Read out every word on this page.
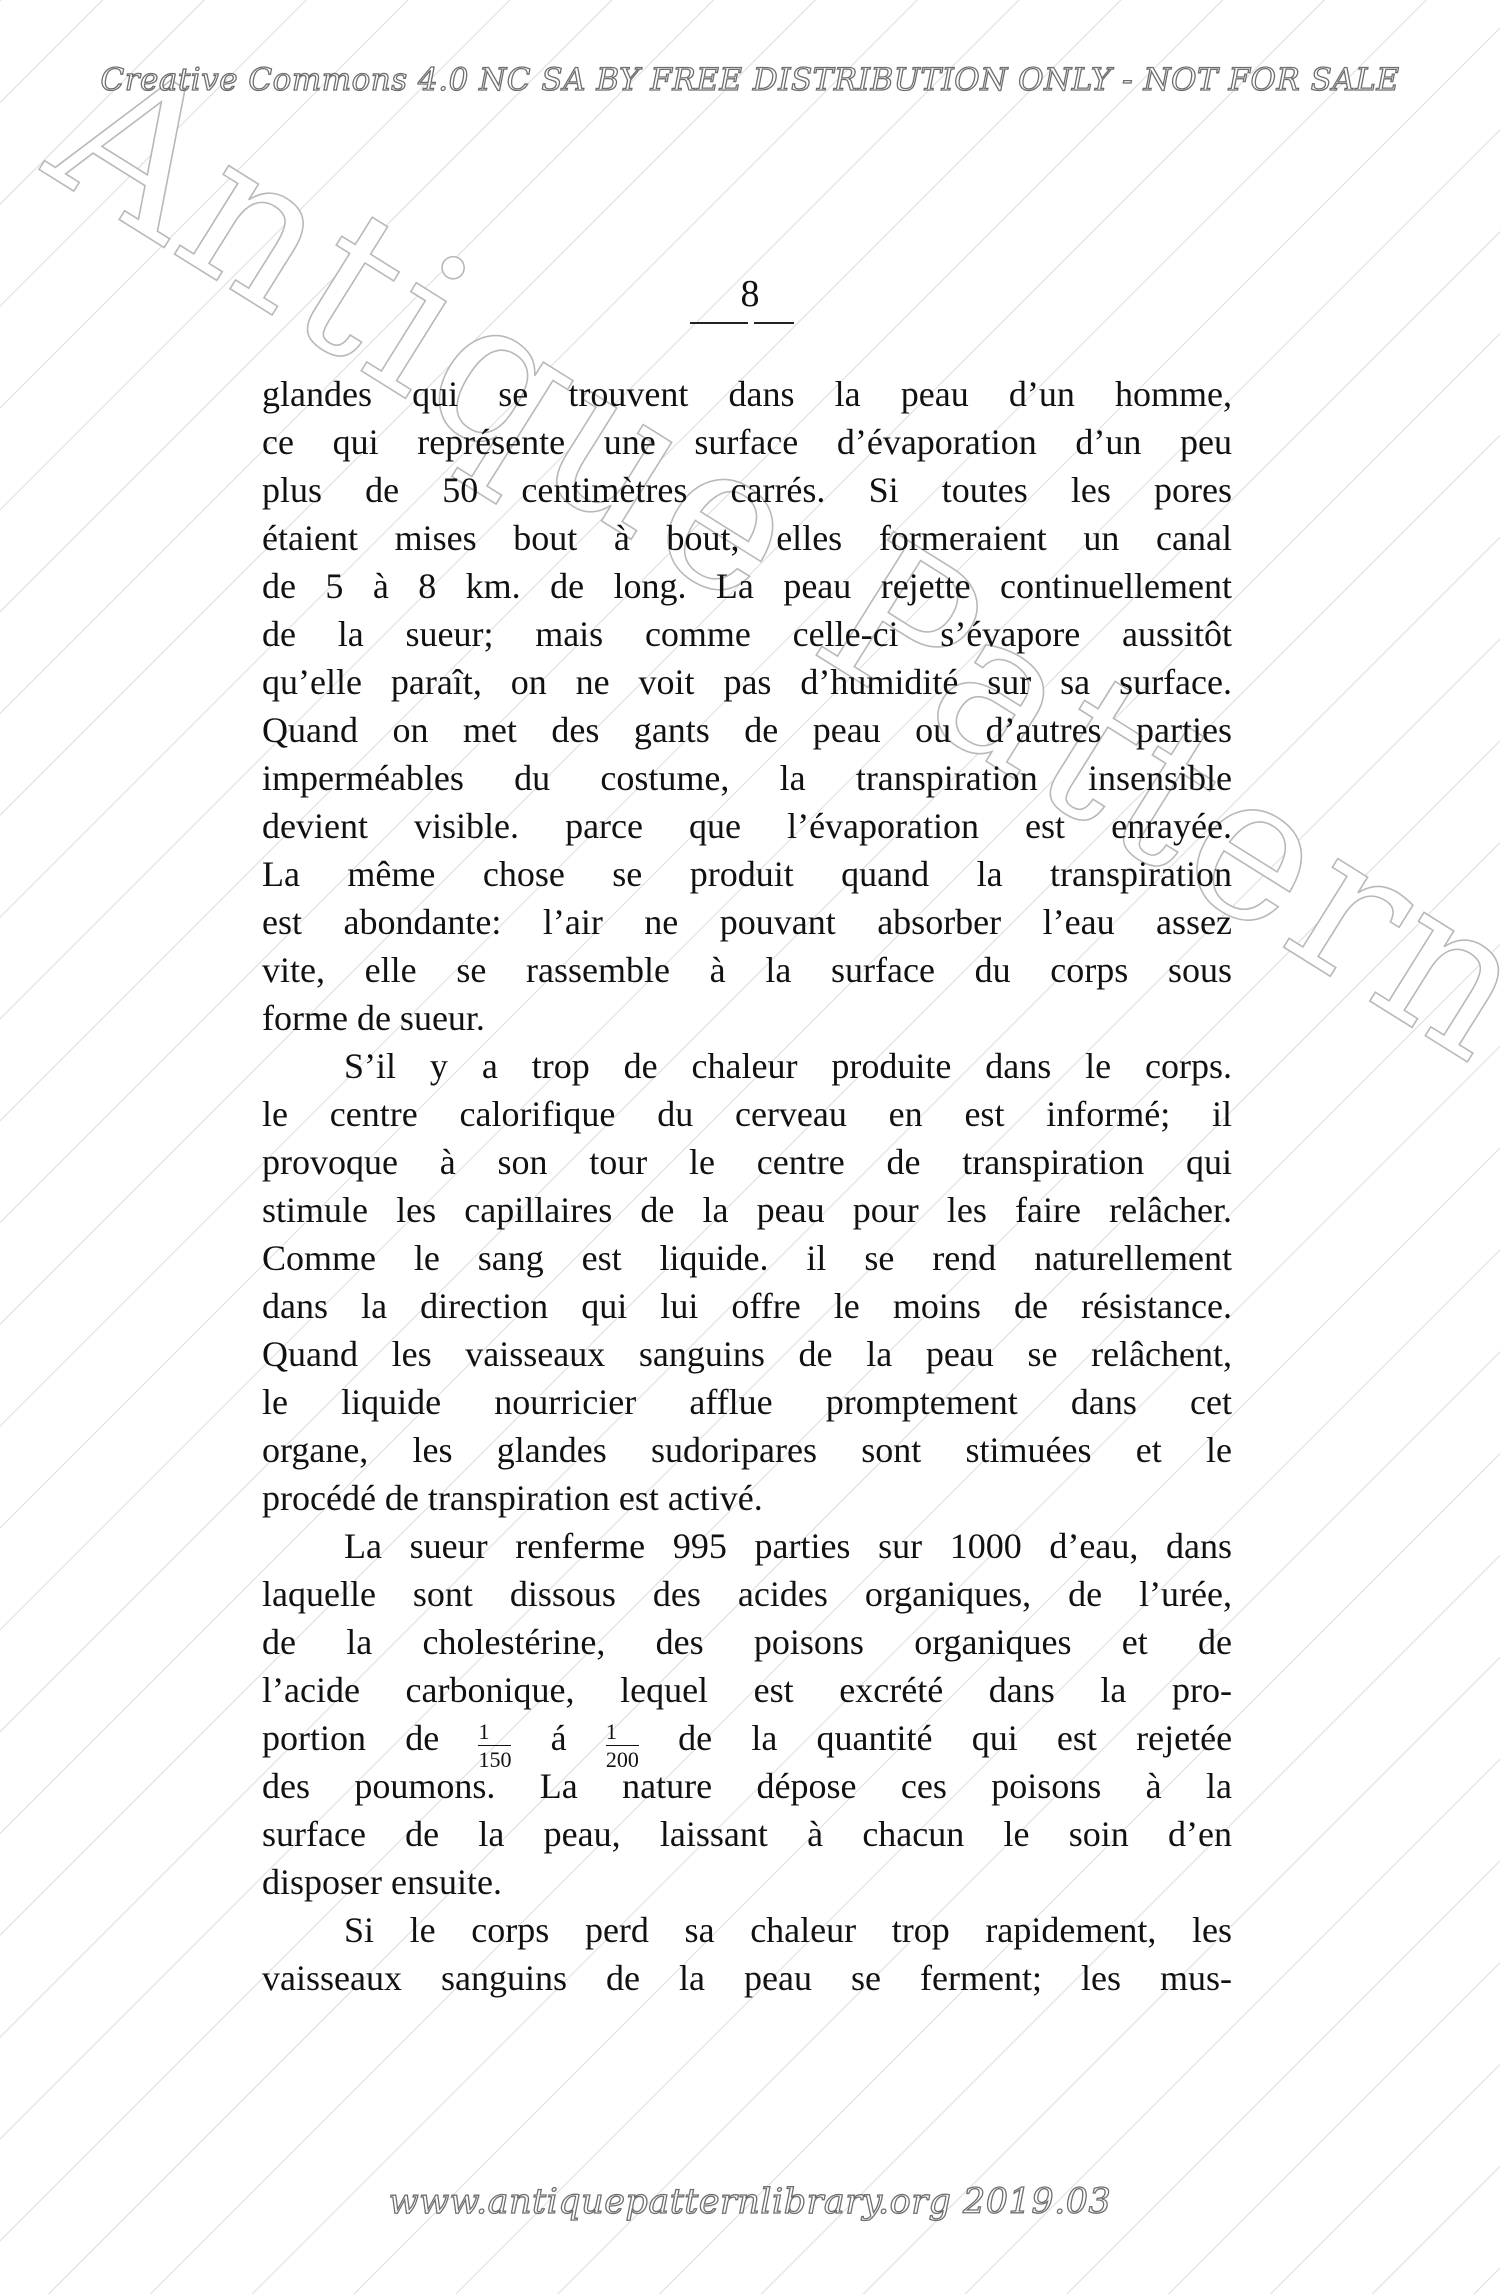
Creative Commons 4.0 NC SA BY FREE DISTRIBUTION ONLY - NOT FOR SALE
8
glandes qui se trouvent dans la peau d’un homme,
ce qui représente une surface d’évaporation d’un peu
plus de 50 centimètres carrés. Si toutes les pores
étaient mises bout à bout, elles formeraient un canal
de 5 à 8 km. de long. La peau rejette continuellement
de la sueur; mais comme celle-ci s’évapore aussitôt
qu’elle paraît, on ne voit pas d’humidité sur sa surface.
Quand on met des gants de peau ou d’autres parties
imperméables du costume, la transpiration insensible
devient visible. parce que l’évaporation est enrayée.
La même chose se produit quand la transpiration
est abondante: l’air ne pouvant absorber l’eau assez
vite, elle se rassemble à la surface du corps sous
forme de sueur.
S’il y a trop de chaleur produite dans le corps.
le centre calorifique du cerveau en est informé; il
provoque à son tour le centre de transpiration qui
stimule les capillaires de la peau pour les faire relâcher.
Comme le sang est liquide. il se rend naturellement
dans la direction qui lui offre le moins de résistance.
Quand les vaisseaux sanguins de la peau se relâchent,
le liquide nourricier afflue promptement dans cet
organe, les glandes sudoripares sont stimuées et le
procédé de transpiration est activé.
La sueur renferme 995 parties sur 1000 d’eau, dans
laquelle sont dissous des acides organiques, de l’urée,
de la cholestérine, des poisons organiques et de
l’acide carbonique, lequel est excrété dans la pro-
portion de $\frac{1}{150}$ á $\frac{1}{200}$ de la quantité qui est rejetée
des poumons. La nature dépose ces poisons à la
surface de la peau, laissant à chacun le soin d’en
disposer ensuite.
Si le corps perd sa chaleur trop rapidement, les
vaisseaux sanguins de la peau se ferment; les mus-
www.antiquepatternlibrary.org 2019.03
